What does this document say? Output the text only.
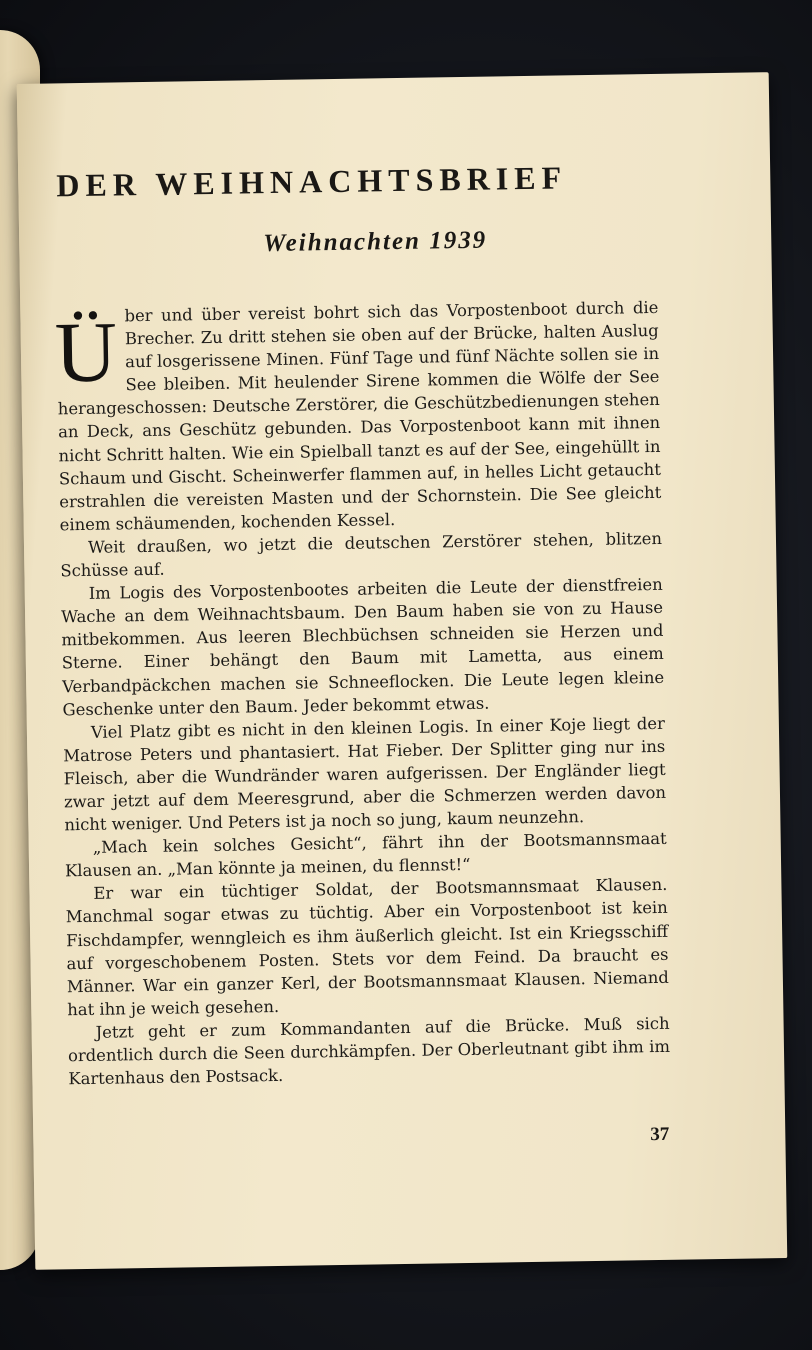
DER WEIHNACHTSBRIEF
Weihnachten 1939

Über und über vereist bohrt sich das Vorpostenboot durch die Brecher. Zu dritt stehen sie oben auf der Brücke, halten Auslug auf losgerissene Minen. Fünf Tage und fünf Nächte sollen sie in See bleiben. Mit heulender Sirene kommen die Wölfe der See herangeschossen: Deutsche Zerstörer, die Geschützbedienungen stehen an Deck, ans Geschütz gebunden. Das Vorpostenboot kann mit ihnen nicht Schritt halten. Wie ein Spielball tanzt es auf der See, eingehüllt in Schaum und Gischt. Scheinwerfer flammen auf, in helles Licht getaucht erstrahlen die vereisten Masten und der Schornstein. Die See gleicht einem schäumenden, kochenden Kessel.

Weit draußen, wo jetzt die deutschen Zerstörer stehen, blitzen Schüsse auf.

Im Logis des Vorpostenbootes arbeiten die Leute der dienstfreien Wache an dem Weihnachtsbaum. Den Baum haben sie von zu Hause mitbekommen. Aus leeren Blechbüchsen schneiden sie Herzen und Sterne. Einer behängt den Baum mit Lametta, aus einem Verbandpäckchen machen sie Schneeflocken. Die Leute legen kleine Geschenke unter den Baum. Jeder bekommt etwas.

Viel Platz gibt es nicht in den kleinen Logis. In einer Koje liegt der Matrose Peters und phantasiert. Hat Fieber. Der Splitter ging nur ins Fleisch, aber die Wundränder waren aufgerissen. Der Engländer liegt zwar jetzt auf dem Meeresgrund, aber die Schmerzen werden davon nicht weniger. Und Peters ist ja noch so jung, kaum neunzehn.

„Mach kein solches Gesicht“, fährt ihn der Bootsmannsmaat Klausen an. „Man könnte ja meinen, du flennst!“

Er war ein tüchtiger Soldat, der Bootsmannsmaat Klausen. Manchmal sogar etwas zu tüchtig. Aber ein Vorpostenboot ist kein Fischdampfer, wenngleich es ihm äußerlich gleicht. Ist ein Kriegsschiff auf vorgeschobenem Posten. Stets vor dem Feind. Da braucht es Männer. War ein ganzer Kerl, der Bootsmannsmaat Klausen. Niemand hat ihn je weich gesehen.

Jetzt geht er zum Kommandanten auf die Brücke. Muß sich ordentlich durch die Seen durchkämpfen. Der Oberleutnant gibt ihm im Kartenhaus den Postsack.

37
